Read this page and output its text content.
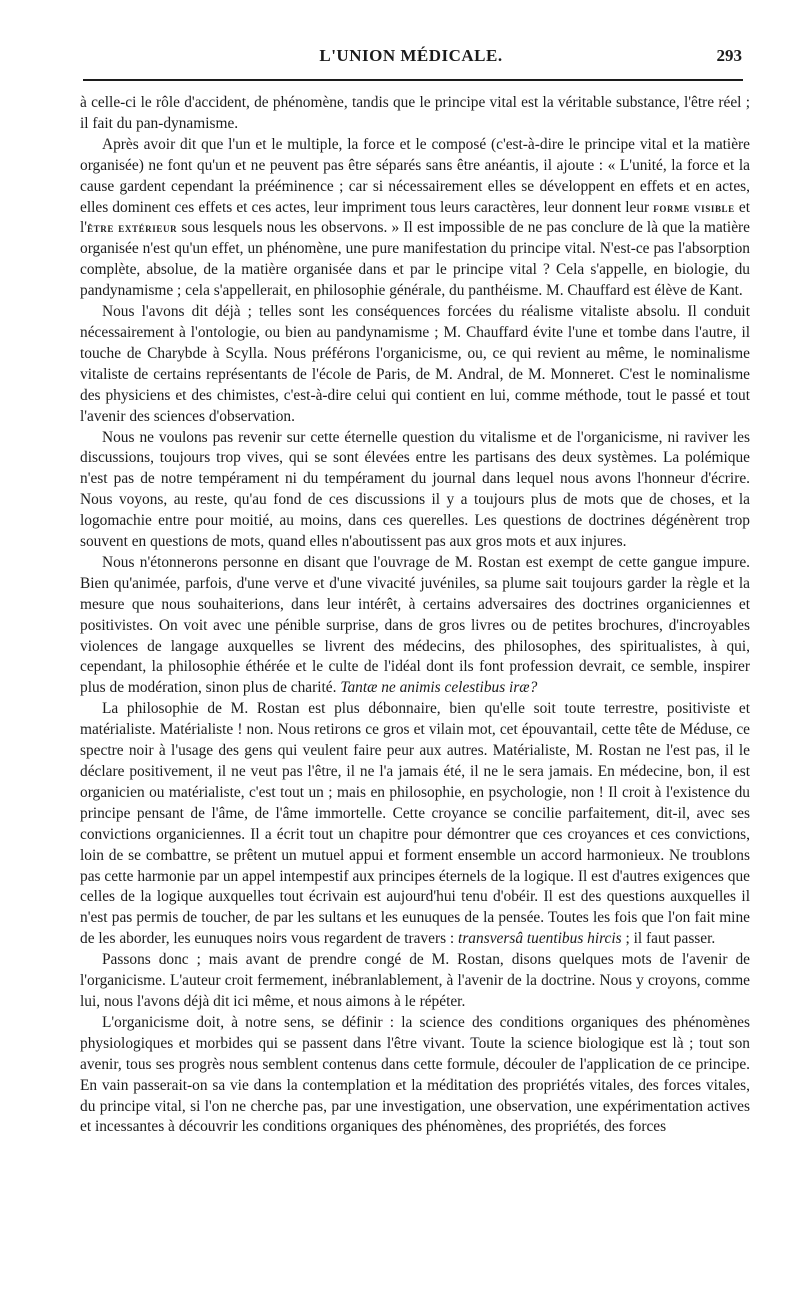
L'UNION MÉDICALE.	293

à celle-ci le rôle d'accident, de phénomène, tandis que le principe vital est la véritable substance, l'être réel ; il fait du pan-dynamisme.

Après avoir dit que l'un et le multiple, la force et le composé (c'est-à-dire le principe vital et la matière organisée) ne font qu'un et ne peuvent pas être séparés sans être anéantis, il ajoute : « L'unité, la force et la cause gardent cependant la prééminence ; car si nécessairement elles se développent en effets et en actes, elles dominent ces effets et ces actes, leur impriment tous leurs caractères, leur donnent leur forme visible et l'être extérieur sous lesquels nous les observons. » Il est impossible de ne pas conclure de là que la matière organisée n'est qu'un effet, un phénomène, une pure manifestation du principe vital. N'est-ce pas l'absorption complète, absolue, de la matière organisée dans et par le principe vital ? Cela s'appelle, en biologie, du pandynamisme ; cela s'appellerait, en philosophie générale, du panthéisme. M. Chauffard est élève de Kant.

Nous l'avons dit déjà ; telles sont les conséquences forcées du réalisme vitaliste absolu. Il conduit nécessairement à l'ontologie, ou bien au pandynamisme ; M. Chauffard évite l'une et tombe dans l'autre, il touche de Charybde à Scylla. Nous préférons l'organicisme, ou, ce qui revient au même, le nominalisme vitaliste de certains représentants de l'école de Paris, de M. Andral, de M. Monneret. C'est le nominalisme des physiciens et des chimistes, c'est-à-dire celui qui contient en lui, comme méthode, tout le passé et tout l'avenir des sciences d'observation.

Nous ne voulons pas revenir sur cette éternelle question du vitalisme et de l'organicisme, ni raviver les discussions, toujours trop vives, qui se sont élevées entre les partisans des deux systèmes. La polémique n'est pas de notre tempérament ni du tempérament du journal dans lequel nous avons l'honneur d'écrire. Nous voyons, au reste, qu'au fond de ces discussions il y a toujours plus de mots que de choses, et la logomachie entre pour moitié, au moins, dans ces querelles. Les questions de doctrines dégénèrent trop souvent en questions de mots, quand elles n'aboutissent pas aux gros mots et aux injures.

Nous n'étonnerons personne en disant que l'ouvrage de M. Rostan est exempt de cette gangue impure. Bien qu'animée, parfois, d'une verve et d'une vivacité juvéniles, sa plume sait toujours garder la règle et la mesure que nous souhaiterions, dans leur intérêt, à certains adversaires des doctrines organiciennes et positivistes. On voit avec une pénible surprise, dans de gros livres ou de petites brochures, d'incroyables violences de langage auxquelles se livrent des médecins, des philosophes, des spiritualistes, à qui, cependant, la philosophie éthérée et le culte de l'idéal dont ils font profession devrait, ce semble, inspirer plus de modération, sinon plus de charité. Tantæ ne animis celestibus iræ?

La philosophie de M. Rostan est plus débonnaire, bien qu'elle soit toute terrestre, positiviste et matérialiste. Matérialiste ! non. Nous retirons ce gros et vilain mot, cet épouvantail, cette tête de Méduse, ce spectre noir à l'usage des gens qui veulent faire peur aux autres. Matérialiste, M. Rostan ne l'est pas, il le déclare positivement, il ne veut pas l'être, il ne l'a jamais été, il ne le sera jamais. En médecine, bon, il est organicien ou matérialiste, c'est tout un ; mais en philosophie, en psychologie, non ! Il croit à l'existence du principe pensant de l'âme, de l'âme immortelle. Cette croyance se concilie parfaitement, dit-il, avec ses convictions organiciennes. Il a écrit tout un chapitre pour démontrer que ces croyances et ces convictions, loin de se combattre, se prêtent un mutuel appui et forment ensemble un accord harmonieux. Ne troublons pas cette harmonie par un appel intempestif aux principes éternels de la logique. Il est d'autres exigences que celles de la logique auxquelles tout écrivain est aujourd'hui tenu d'obéir. Il est des questions auxquelles il n'est pas permis de toucher, de par les sultans et les eunuques de la pensée. Toutes les fois que l'on fait mine de les aborder, les eunuques noirs vous regardent de travers : transversâ tuentibus hircis ; il faut passer.

Passons donc ; mais avant de prendre congé de M. Rostan, disons quelques mots de l'avenir de l'organicisme. L'auteur croit fermement, inébranlablement, à l'avenir de la doctrine. Nous y croyons, comme lui, nous l'avons déjà dit ici même, et nous aimons à le répéter.

L'organicisme doit, à notre sens, se définir : la science des conditions organiques des phénomènes physiologiques et morbides qui se passent dans l'être vivant. Toute la science biologique est là ; tout son avenir, tous ses progrès nous semblent contenus dans cette formule, découler de l'application de ce principe. En vain passerait-on sa vie dans la contemplation et la méditation des propriétés vitales, des forces vitales, du principe vital, si l'on ne cherche pas, par une investigation, une observation, une expérimentation actives et incessantes à découvrir les conditions organiques des phénomènes, des propriétés, des forces
